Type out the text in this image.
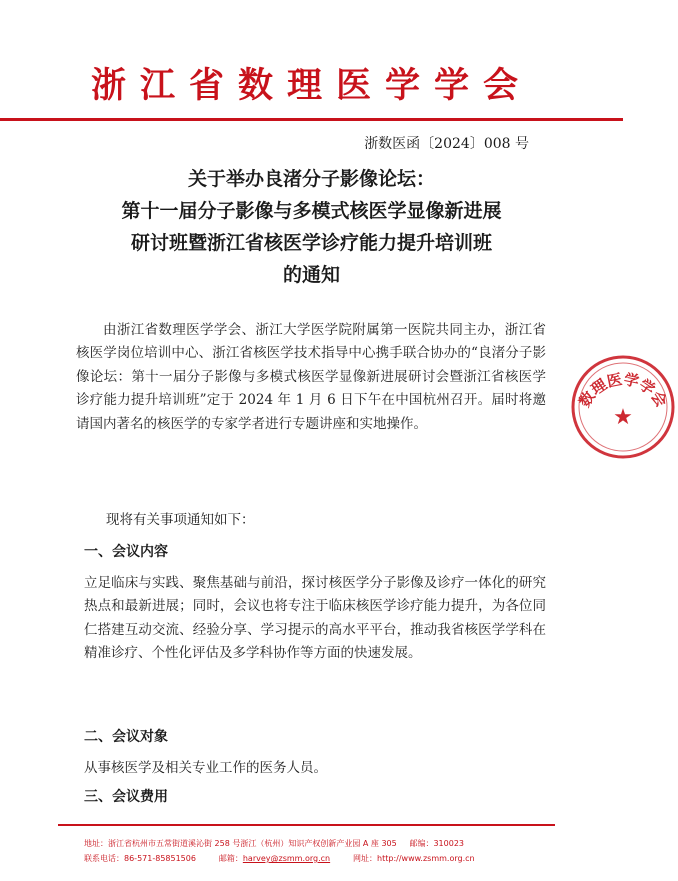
浙江省数理医学学会
浙数医函〔2024〕008 号
关于举办良渚分子影像论坛：
第十一届分子影像与多模式核医学显像新进展
研讨班暨浙江省核医学诊疗能力提升培训班
的通知
由浙江省数理医学学会、浙江大学医学院附属第一医院共同主办，浙江省核医学岗位培训中心、浙江省核医学技术指导中心携手联合协办的“良渚分子影像论坛：第十一届分子影像与多模式核医学显像新进展研讨会暨浙江省核医学诊疗能力提升培训班”定于 2024 年 1 月 6 日下午在中国杭州召开。届时将邀请国内著名的核医学的专家学者进行专题讲座和实地操作。
现将有关事项通知如下：
一、会议内容
立足临床与实践、聚焦基础与前沿，探讨核医学分子影像及诊疗一体化的研究热点和最新进展；同时，会议也将专注于临床核医学诊疗能力提升，为各位同仁搭建互动交流、经验分享、学习提示的高水平平台，推动我省核医学学科在精准诊疗、个性化评估及多学科协作等方面的快速发展。
二、会议对象
从事核医学及相关专业工作的医务人员。
三、会议费用
数理医学学会
★
地址：浙江省杭州市五常街道溪沁街 258 号浙江（杭州）知识产权创新产业园 A 座 305 邮编：310023
联系电话：86-571-85851506	邮箱：harvey@zsmm.org.cn	网址：http://www.zsmm.org.cn
